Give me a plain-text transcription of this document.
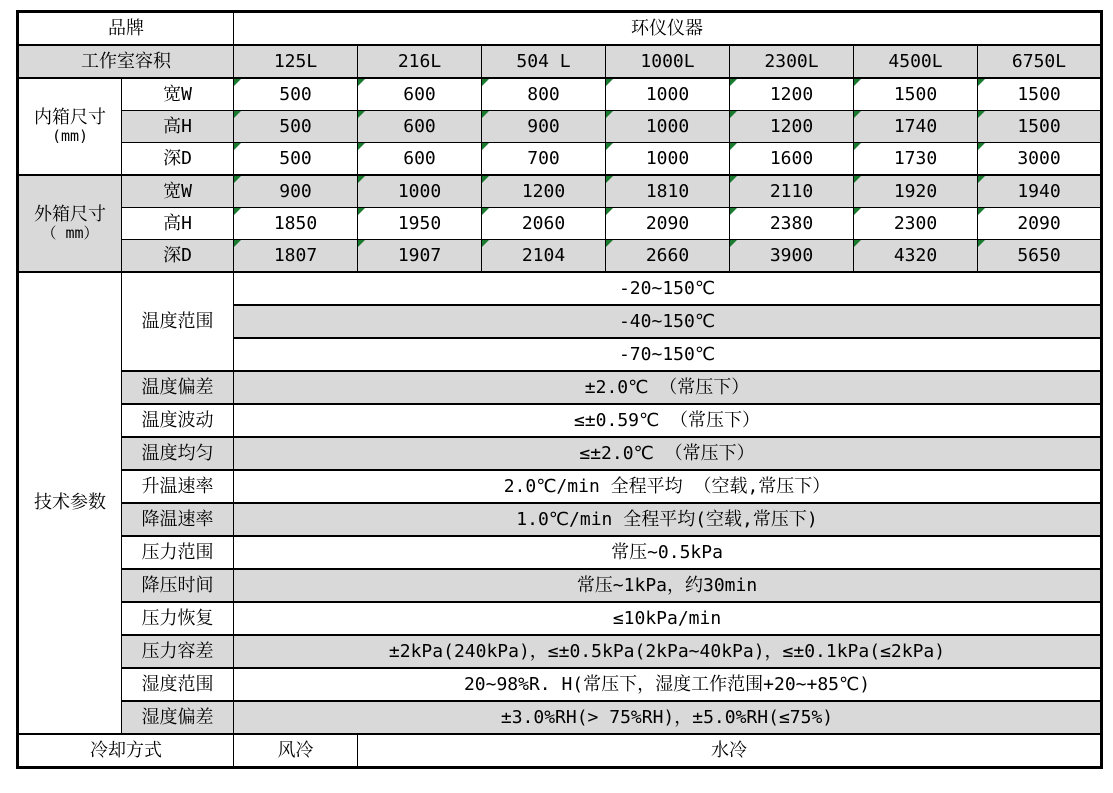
品牌		环仪仪器						
工作室容积		125L	216L	504 L	1000L	2300L	4500L	6750L

内箱尺寸
(mm)	宽W	500	600	800	1000	1200	1500	1500
	高H	500	600	900	1000	1200	1740	1500
	深D	500	600	700	1000	1600	1730	3000

外箱尺寸
（ mm）	宽W	900	1000	1200	1810	2110	1920	1940
	高H	1850	1950	2060	2090	2380	2300	2090
	深D	1807	1907	2104	2660	3900	4320	5650
技术参数	温度范围	-20~150℃						
		-40~150℃						
		-70~150℃						
	温度偏差	±2.0℃ （常压下）						
	温度波动	≤±0.59℃ （常压下）						
	温度均匀	≤±2.0℃ （常压下）						
	升温速率	2.0℃/min 全程平均 （空载,常压下）						
	降温速率	1.0℃/min 全程平均(空载,常压下)						
	压力范围	常压~0.5kPa						
	降压时间	常压~1kPa，约30min						
	压力恢复	≤10kPa/min						
	压力容差	±2kPa(240kPa)，≤±0.5kPa(2kPa~40kPa)，≤±0.1kPa(≤2kPa)						
	湿度范围	20~98%R. H(常压下，湿度工作范围+20~+85℃)						
	湿度偏差	±3.0%RH(> 75%RH)，±5.0%RH(≤75%)						
冷却方式		风冷	水冷					
